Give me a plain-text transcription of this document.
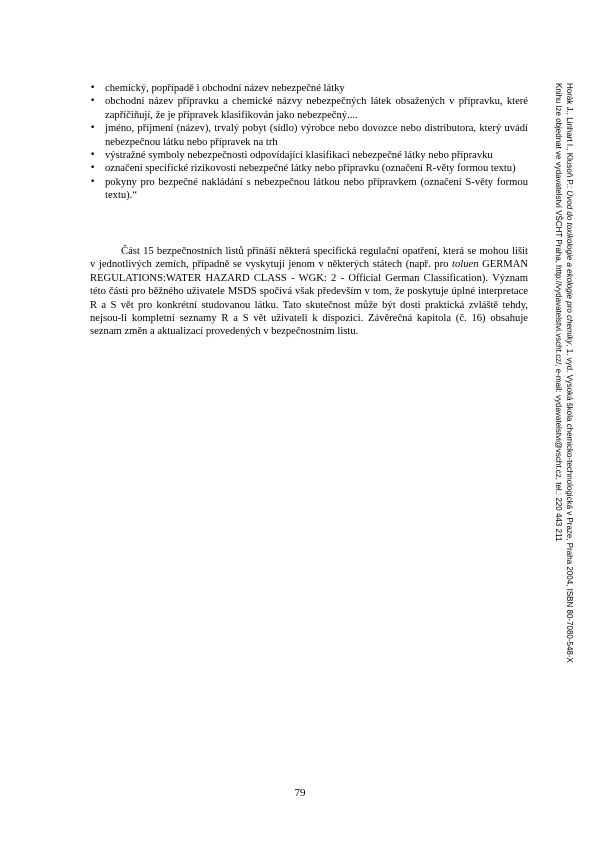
• chemický, popřípadě i obchodní název nebezpečné látky
• obchodní název přípravku a chemické názvy nebezpečných látek obsažených v přípravku, které zapříčiňují, že je přípravek klasifikován jako nebezpečný....
• jméno, příjmení (název), trvalý pobyt (sídlo) výrobce nebo dovozce nebo distributora, který uvádí nebezpečnou látku nebo přípravek na trh
• výstražné symboly nebezpečnosti odpovídající klasifikaci nebezpečné látky nebo přípravku
• označení specifické rizikovosti nebezpečné látky nebo přípravku (označení R-věty formou textu)
• pokyny pro bezpečné nakládání s nebezpečnou látkou nebo přípravkem (označení S-věty formou textu).“

Část 15 bezpečnostních listů přináší některá specifická regulační opatření, která se mohou lišit v jednotlivých zemích, případně se vyskytují jenom v některých státech (např. pro toluen GERMAN REGULATIONS:WATER HAZARD CLASS - WGK: 2 - Official German Classification). Význam této části pro běžného uživatele MSDS spočívá však především v tom, že poskytuje úplné interpretace R a S vět pro konkrétní studovanou látku. Tato skutečnost může být dosti praktická zvláště tehdy, nejsou-li kompletní seznamy R a S vět uživateli k dispozici. Závěrečná kapitola (č. 16) obsahuje seznam změn a aktualizací provedených v bezpečnostním listu.

Horák J., Linhart I., Klusoň P.: Úvod do toxikologie a ekologie pro chemiky, 1. vyd. Vysoká škola chemicko-technologická v Praze, Praha 2004, ISBN 80-7080-548-X
Knihu lze objednat ve vydavatelství VŠCHT Praha, http://vydavatelstvi.vscht.cz/, e-mail: vydavatelstvi@vscht.cz, tel.: 220 443 211
79
